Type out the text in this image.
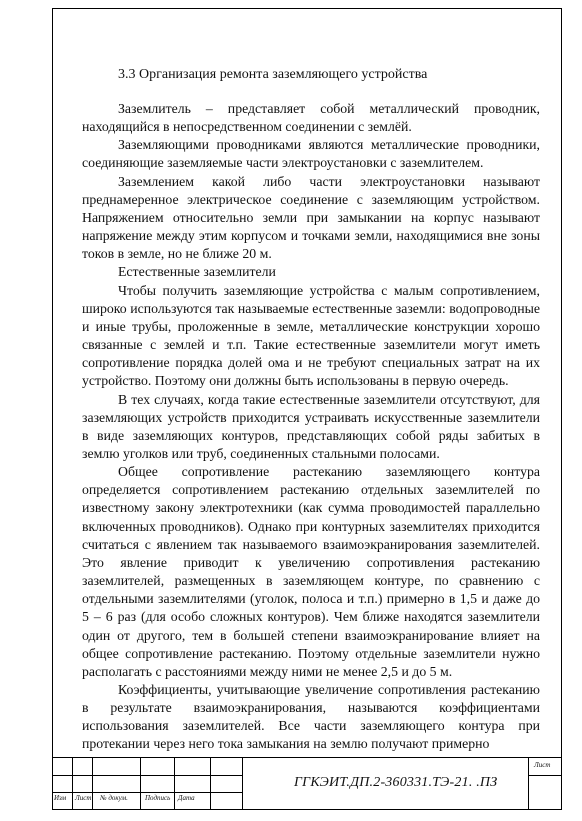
3.3 Организация ремонта заземляющего устройства

Заземлитель – представляет собой металлический проводник, находящийся в непосредственном соединении с землёй.

Заземляющими проводниками являются металлические проводники, соединяющие заземляемые части электроустановки с заземлителем.

Заземлением какой либо части электроустановки называют преднамеренное электрическое соединение с заземляющим устройством. Напряжением относительно земли при замыкании на корпус называют напряжение между этим корпусом и точками земли, находящимися вне зоны токов в земле, но не ближе 20 м.

Естественные заземлители

Чтобы получить заземляющие устройства с малым сопротивлением, широко используются так называемые естественные заземли: водопроводные и иные трубы, проложенные в земле, металлические конструкции хорошо связанные с землей и т.п. Такие естественные заземлители могут иметь сопротивление порядка долей ома и не требуют специальных затрат на их устройство. Поэтому они должны быть использованы в первую очередь.

В тех случаях, когда такие естественные заземлители отсутствуют, для заземляющих устройств приходится устраивать искусственные заземлители в виде заземляющих контуров, представляющих собой ряды забитых в землю уголков или труб, соединенных стальными полосами.

Общее сопротивление растеканию заземляющего контура определяется сопротивлением растеканию отдельных заземлителей по известному закону электротехники (как сумма проводимостей параллельно включенных проводников). Однако при контурных заземлителях приходится считаться с явлением так называемого взаимоэкранирования заземлителей. Это явление приводит к увеличению сопротивления растеканию заземлителей, размещенных в заземляющем контуре, по сравнению с отдельными заземлителями (уголок, полоса и т.п.) примерно в 1,5 и даже до 5 – 6 раз (для особо сложных контуров). Чем ближе находятся заземлители один от другого, тем в большей степени взаимоэкранирование влияет на общее сопротивление растеканию. Поэтому отдельные заземлители нужно располагать с расстояниями между ними не менее 2,5 и до 5 м.

Коэффициенты, учитывающие увеличение сопротивления растеканию в результате взаимоэкранирования, называются коэффициентами использования заземлителей. Все части заземляющего контура при протекании через него тока замыкания на землю получают примерно

Изм Лист № докум. Подпись Дата
ГГКЭИТ.ДП.2-360331.ТЭ-21. .ПЗ
Лист
